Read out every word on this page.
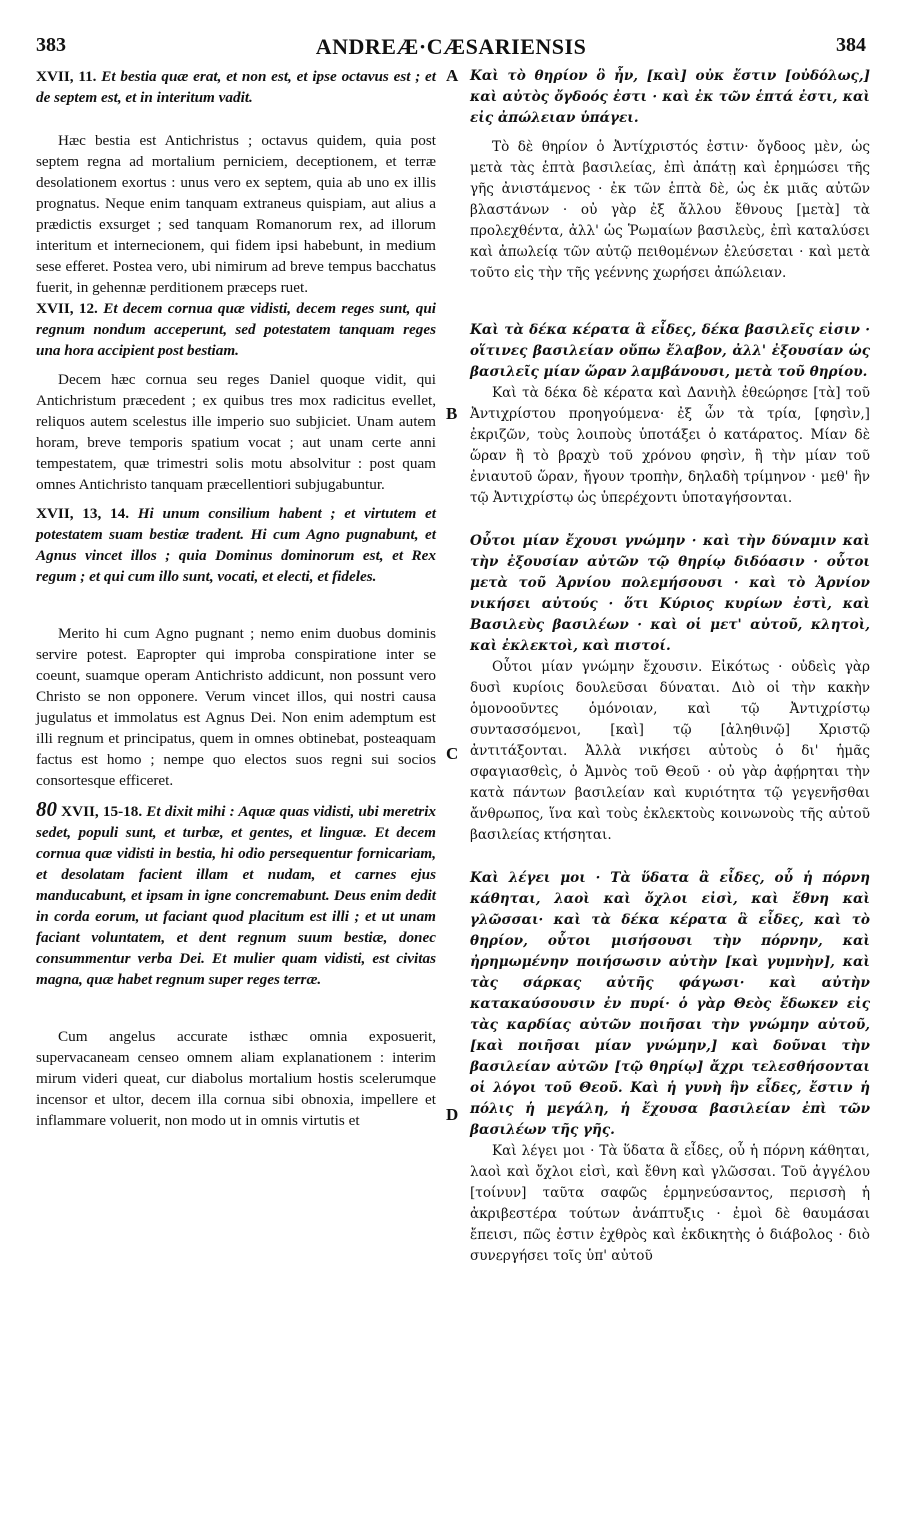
383	ANDREÆ·CÆSARIENSIS	384

XVII, 11. Et bestia quæ erat, et non est, et ipse octavus est ; et de septem est, et in interitum vadit.

Hæc bestia est Antichristus ; octavus quidem, quia post septem regna ad mortalium perniciem, deceptionem, et terræ desolationem exortus : unus vero ex septem, quia ab uno ex illis prognatus. Neque enim tanquam extraneus quispiam, aut alius a prædictis exsurget ; sed tanquam Romanorum rex, ad illorum interitum et internecionem, qui fidem ipsi habebunt, in medium sese efferet. Postea vero, ubi nimirum ad breve tempus bacchatus fuerit, in gehennæ perditionem præceps ruet.

XVII, 12. Et decem cornua quæ vidisti, decem reges sunt, qui regnum nondum acceperunt, sed potestatem tanquam reges una hora accipient post bestiam.

Decem hæc cornua seu reges Daniel quoque vidit, qui Antichristum præcedent ; ex quibus tres mox radicitus evellet, reliquos autem scelestus ille imperio suo subjiciet. Unam autem horam, breve temporis spatium vocat ; aut unam certe anni tempestatem, quæ trimestri solis motu absolvitur : post quam omnes Antichristo tanquam præcellentiori subjugabuntur.

XVII, 13, 14. Hi unum consilium habent ; et virtutem et potestatem suam bestiæ tradent. Hi cum Agno pugnabunt, et Agnus vincet illos ; quia Dominus dominorum est, et Rex regum ; et qui cum illo sunt, vocati, et electi, et fideles.

Merito hi cum Agno pugnant ; nemo enim duobus dominis servire potest. Eapropter qui improba conspiratione inter se coeunt, suamque operam Antichristo addicunt, non possunt vero Christo se non opponere. Verum vincet illos, qui nostri causa jugulatus et immolatus est Agnus Dei. Non enim ademptum est illi regnum et principatus, quem in omnes obtinebat, posteaquam factus est homo ; nempe quo electos suos regni sui socios consortesque efficeret.

80 XVII, 15-18. Et dixit mihi : Aquæ quas vidisti, ubi meretrix sedet, populi sunt, et turbæ, et gentes, et linguæ. Et decem cornua quæ vidisti in bestia, hi odio persequentur fornicariam, et desolatam facient illam et nudam, et carnes ejus manducabunt, et ipsam in igne concremabunt. Deus enim dedit in corda eorum, ut faciant quod placitum est illi ; et ut unam faciant voluntatem, et dent regnum suum bestiæ, donec consummentur verba Dei. Et mulier quam vidisti, est civitas magna, quæ habet regnum super reges terræ.

Cum angelus accurate isthæc omnia exposuerit, supervacaneam censeo omnem aliam explanationem : interim mirum videri queat, cur diabolus mortalium hostis scelerumque incensor et ultor, decem illa cornua sibi obnoxia, impellere et inflammare voluerit, non modo ut in omnis virtutis et

A
B
C
D

Καὶ τὸ θηρίον ὃ ἦν, [καὶ] οὐκ ἔστιν [οὐδόλως,] καὶ αὐτὸς ὄγδοός ἐστι · καὶ ἐκ τῶν ἑπτά ἐστι, καὶ εἰς ἀπώλειαν ὑπάγει.

Τὸ δὲ θηρίον ὁ Ἀντίχριστός ἐστιν· ὄγδοος μὲν, ὡς μετὰ τὰς ἑπτὰ βασιλείας, ἐπὶ ἀπάτῃ καὶ ἐρημώσει τῆς γῆς ἀνιστάμενος · ἐκ τῶν ἑπτὰ δὲ, ὡς ἐκ μιᾶς αὐτῶν βλαστάνων · οὐ γὰρ ἐξ ἄλλου ἔθνους [μετὰ] τὰ προλεχθέντα, ἀλλ' ὡς Ῥωμαίων βασιλεὺς, ἐπὶ καταλύσει καὶ ἀπωλείᾳ τῶν αὐτῷ πειθομένων ἐλεύσεται · καὶ μετὰ τοῦτο εἰς τὴν τῆς γεέννης χωρήσει ἀπώλειαν.

Καὶ τὰ δέκα κέρατα ἃ εἶδες, δέκα βασιλεῖς εἰσιν · οἵτινες βασιλείαν οὔπω ἔλαβον, ἀλλ' ἐξουσίαν ὡς βασιλεῖς μίαν ὥραν λαμβάνουσι, μετὰ τοῦ θηρίου.

Καὶ τὰ δέκα δὲ κέρατα καὶ Δανιὴλ ἐθεώρησε [τὰ] τοῦ Ἀντιχρίστου προηγούμενα· ἐξ ὧν τὰ τρία, [φησὶν,] ἐκριζῶν, τοὺς λοιποὺς ὑποτάξει ὁ κατάρατος. Μίαν δὲ ὥραν ἢ τὸ βραχὺ τοῦ χρόνου φησὶν, ἢ τὴν μίαν τοῦ ἐνιαυτοῦ ὥραν, ἤγουν τροπὴν, δηλαδὴ τρίμηνον · μεθ' ἣν τῷ Ἀντιχρίστῳ ὡς ὑπερέχοντι ὑποταγήσονται.

Οὗτοι μίαν ἔχουσι γνώμην · καὶ τὴν δύναμιν καὶ τὴν ἐξουσίαν αὐτῶν τῷ θηρίῳ διδόασιν · οὗτοι μετὰ τοῦ Ἀρνίου πολεμήσουσι · καὶ τὸ Ἀρνίον νικήσει αὐτούς · ὅτι Κύριος κυρίων ἐστὶ, καὶ Βασιλεὺς βασιλέων · καὶ οἱ μετ' αὐτοῦ, κλητοὶ, καὶ ἐκλεκτοὶ, καὶ πιστοί.

Οὗτοι μίαν γνώμην ἔχουσιν. Εἰκότως · οὐδεὶς γὰρ δυσὶ κυρίοις δουλεῦσαι δύναται. Διὸ οἱ τὴν κακὴν ὁμονοοῦντες ὁμόνοιαν, καὶ τῷ Ἀντιχρίστῳ συντασσόμενοι, [καὶ] τῷ [ἀληθινῷ] Χριστῷ ἀντιτάξονται. Ἀλλὰ νικήσει αὐτοὺς ὁ δι' ἡμᾶς σφαγιασθεὶς, ὁ Ἀμνὸς τοῦ Θεοῦ · οὐ γὰρ ἀφῄρηται τὴν κατὰ πάντων βασιλείαν καὶ κυριότητα τῷ γεγενῆσθαι ἄνθρωπος, ἵνα καὶ τοὺς ἐκλεκτοὺς κοινωνοὺς τῆς αὐτοῦ βασιλείας κτήσηται.

Καὶ λέγει μοι · Τὰ ὕδατα ἃ εἶδες, οὗ ἡ πόρνη κάθηται, λαοὶ καὶ ὄχλοι εἰσὶ, καὶ ἔθνη καὶ γλῶσσαι· καὶ τὰ δέκα κέρατα ἃ εἶδες, καὶ τὸ θηρίον, οὗτοι μισήσουσι τὴν πόρνην, καὶ ἠρημωμένην ποιήσωσιν αὐτὴν [καὶ γυμνὴν], καὶ τὰς σάρκας αὐτῆς φάγωσι· καὶ αὐτὴν κατακαύσουσιν ἐν πυρί· ὁ γὰρ Θεὸς ἔδωκεν εἰς τὰς καρδίας αὐτῶν ποιῆσαι τὴν γνώμην αὐτοῦ, [καὶ ποιῆσαι μίαν γνώμην,] καὶ δοῦναι τὴν βασιλείαν αὐτῶν [τῷ θηρίῳ] ἄχρι τελεσθήσονται οἱ λόγοι τοῦ Θεοῦ. Καὶ ἡ γυνὴ ἣν εἶδες, ἔστιν ἡ πόλις ἡ μεγάλη, ἡ ἔχουσα βασιλείαν ἐπὶ τῶν βασιλέων τῆς γῆς.

Καὶ λέγει μοι · Τὰ ὕδατα ἃ εἶδες, οὗ ἡ πόρνη κάθηται, λαοὶ καὶ ὄχλοι εἰσὶ, καὶ ἔθνη καὶ γλῶσσαι. Τοῦ ἀγγέλου [τοίνυν] ταῦτα σαφῶς ἑρμηνεύσαντος, περισσὴ ἡ ἀκριβεστέρα τούτων ἀνάπτυξις · ἐμοὶ δὲ θαυμάσαι ἔπεισι, πῶς ἐστιν ἐχθρὸς καὶ ἐκδικητὴς ὁ διάβολος · διὸ συνεργήσει τοῖς ὑπ' αὐτοῦ
